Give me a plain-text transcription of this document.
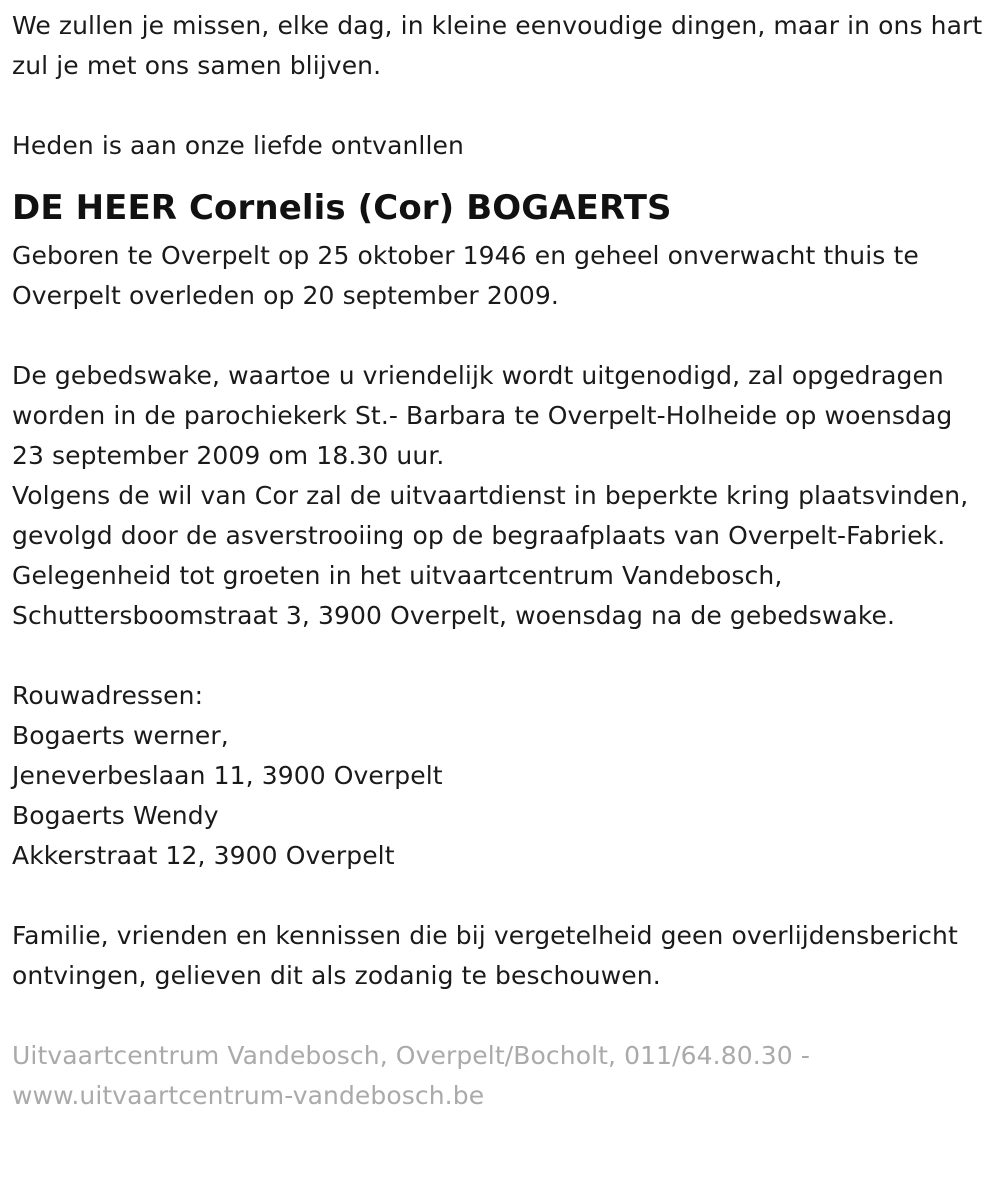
We zullen je missen, elke dag, in kleine eenvoudige dingen, maar in ons hart zul je met ons samen blijven.

Heden is aan onze liefde ontvanllen

DE HEER Cornelis (Cor) BOGAERTS

Geboren te Overpelt op 25 oktober 1946 en geheel onverwacht thuis te Overpelt overleden op 20 september 2009.

De gebedswake, waartoe u vriendelijk wordt uitgenodigd, zal opgedragen worden in de parochiekerk St.- Barbara te Overpelt-Holheide op woensdag 23 september 2009 om 18.30 uur.

Volgens de wil van Cor zal de uitvaartdienst in beperkte kring plaatsvinden, gevolgd door de asverstrooiing op de begraafplaats van Overpelt-Fabriek.

Gelegenheid tot groeten in het uitvaartcentrum Vandebosch, Schuttersboomstraat 3, 3900 Overpelt, woensdag na de gebedswake.

Rouwadressen:

Bogaerts werner,

Jeneverbeslaan 11, 3900 Overpelt

Bogaerts Wendy

Akkerstraat 12, 3900 Overpelt

Familie, vrienden en kennissen die bij vergetelheid geen overlijdensbericht ontvingen, gelieven dit als zodanig te beschouwen.

Uitvaartcentrum Vandebosch, Overpelt/Bocholt, 011/64.80.30 - www.uitvaartcentrum-vandebosch.be
